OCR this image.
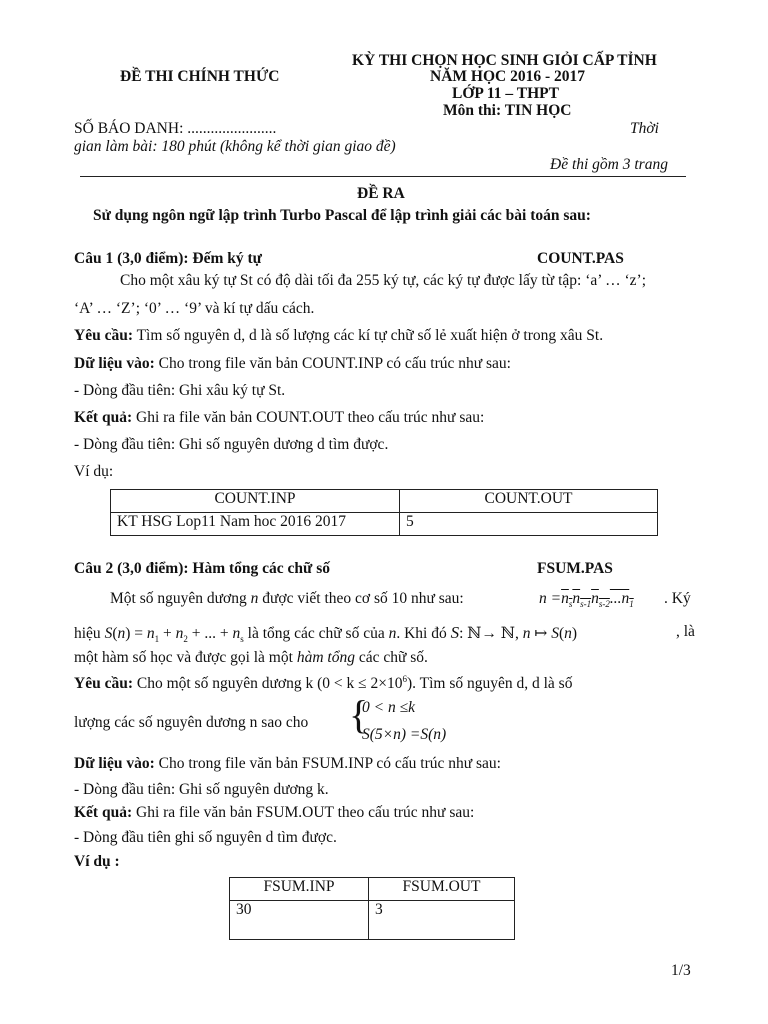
ĐỀ THI CHÍNH THỨC
KỲ THI CHỌN HỌC SINH GIỎI CẤP TỈNH
NĂM HỌC 2016 - 2017
LỚP 11 – THPT
Môn thi: TIN HỌC
SỐ BÁO DANH: .......................	Thời
gian làm bài: 180 phút (không kể thời gian giao đề)
Đề thi gồm 3 trang
ĐỀ RA
Sử dụng ngôn ngữ lập trình Turbo Pascal để lập trình giải các bài toán sau:
Câu 1 (3,0 điểm): Đếm ký tự	COUNT.PAS
Cho một xâu ký tự St có độ dài tối đa 255 ký tự, các ký tự được lấy từ tập: ‘a’ … ‘z’;
‘A’ … ‘Z’; ‘0’ … ‘9’ và kí tự dấu cách.
Yêu cầu: Tìm số nguyên d, d là số lượng các kí tự chữ số lẻ xuất hiện ở trong xâu St.
Dữ liệu vào: Cho trong file văn bản COUNT.INP có cấu trúc như sau:
- Dòng đầu tiên: Ghi xâu ký tự St.
Kết quả: Ghi ra file văn bản COUNT.OUT theo cấu trúc như sau:
- Dòng đầu tiên: Ghi số nguyên dương d tìm được.
Ví dụ:
COUNT.INP	COUNT.OUT
KT HSG Lop11 Nam hoc 2016 2017	5
Câu 2 (3,0 điểm): Hàm tổng các chữ số	FSUM.PAS
Một số nguyên dương n được viết theo cơ số 10 như sau:	$n =n_sn_{s-1}n_{s-2}...n_1$ . Ký
hiệu $S(n) = n_1 + n_2$ + ... + $n_s$ là tổng các chữ số của n. Khi đó S: ℕ→ ℕ, n ↦ S(n)	, là
một hàm số học và được gọi là một hàm tổng các chữ số.
Yêu cầu: Cho một số nguyên dương k $(0 < k \le 2\times 10^6)$. Tìm số nguyên d, d là số
lượng các số nguyên dương n sao cho {
0 < n ≤k
S(5×n) =S(n)
Dữ liệu vào: Cho trong file văn bản FSUM.INP có cấu trúc như sau:
- Dòng đầu tiên: Ghi số nguyên dương k.
Kết quả: Ghi ra file văn bản FSUM.OUT theo cấu trúc như sau:
- Dòng đầu tiên ghi số nguyên d tìm được.
Ví dụ :
FSUM.INP	FSUM.OUT
30	3
1/3
